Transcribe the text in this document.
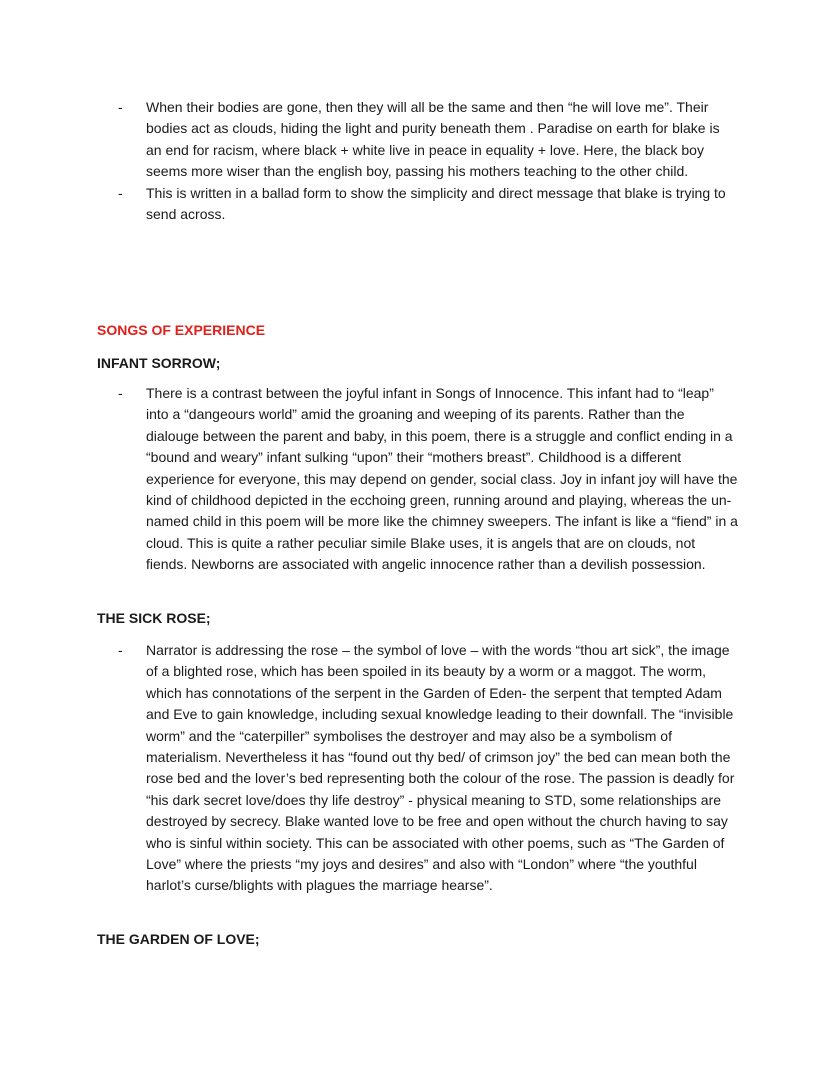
- When their bodies are gone, then they will all be the same and then “he will love me”. Their bodies act as clouds, hiding the light and purity beneath them . Paradise on earth for blake is an end for racism, where black + white live in peace in equality + love. Here, the black boy seems more wiser than the english boy, passing his mothers teaching to the other child.
- This is written in a ballad form to show the simplicity and direct message that blake is trying to send across.
SONGS OF EXPERIENCE
INFANT SORROW;
- There is a contrast between the joyful infant in Songs of Innocence. This infant had to “leap” into a “dangeours world” amid the groaning and weeping of its parents. Rather than the dialouge between the parent and baby, in this poem, there is a struggle and conflict ending in a “bound and weary” infant sulking “upon” their “mothers breast”. Childhood is a different experience for everyone, this may depend on gender, social class. Joy in infant joy will have the kind of childhood depicted in the ecchoing green, running around and playing, whereas the un-named child in this poem will be more like the chimney sweepers. The infant is like a “fiend” in a cloud. This is quite a rather peculiar simile Blake uses, it is angels that are on clouds, not fiends. Newborns are associated with angelic innocence rather than a devilish possession.
THE SICK ROSE;
- Narrator is addressing the rose – the symbol of love – with the words “thou art sick”, the image of a blighted rose, which has been spoiled in its beauty by a worm or a maggot. The worm, which has connotations of the serpent in the Garden of Eden- the serpent that tempted Adam and Eve to gain knowledge, including sexual knowledge leading to their downfall. The “invisible worm” and the “caterpiller” symbolises the destroyer and may also be a symbolism of materialism. Nevertheless it has “found out thy bed/ of crimson joy” the bed can mean both the rose bed and the lover’s bed representing both the colour of the rose. The passion is deadly for “his dark secret love/does thy life destroy” - physical meaning to STD, some relationships are destroyed by secrecy. Blake wanted love to be free and open without the church having to say who is sinful within society. This can be associated with other poems, such as “The Garden of Love” where the priests “my joys and desires” and also with “London” where “the youthful harlot’s curse/blights with plagues the marriage hearse”.
THE GARDEN OF LOVE;
